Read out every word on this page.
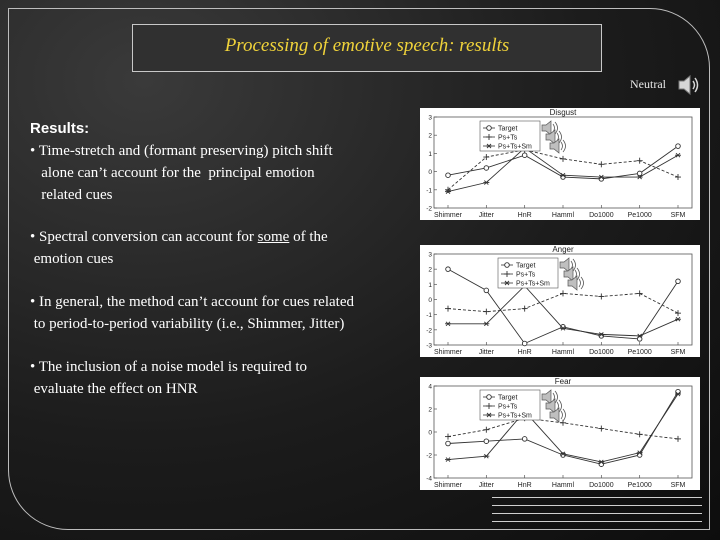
Processing of emotive speech: results
Neutral
Results:
• Time-stretch and (formant preserving) pitch shift
alone can’t account for the  principal emotion
related cues
• Spectral conversion can account for some of the
emotion cues
• In general, the method can’t account for cues related
to period-to-period variability (i.e., Shimmer, Jitter)
• The inclusion of a noise model is required to
evaluate the effect on HNR
Disgust
-2
-1
0
1
2
3
Shimmer Jitter	HnR	Hamml Do1000 Pe1000	SFM
Target
Ps+Ts
Ps+Ts+Sm
Anger
-3
-2
-1
0
1
2
3
Shimmer Jitter	HnR	Hamml Do1000 Pe1000	SFM
Target
Ps+Ts
Ps+Ts+Sm
Fear
-4
-2
0
2
4
Shimmer Jitter	HnR	Hamml Do1000 Pe1000	SFM
Target
Ps+Ts
Ps+Ts+Sm
